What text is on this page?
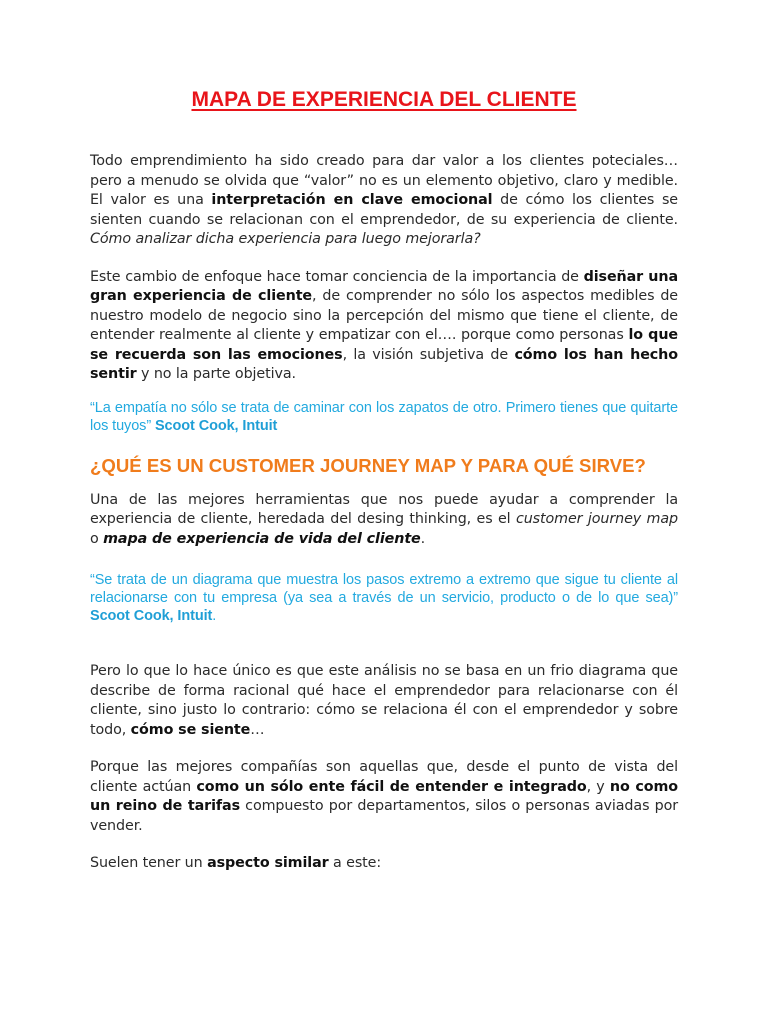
MAPA DE EXPERIENCIA DEL CLIENTE

Todo emprendimiento ha sido creado para dar valor a los clientes poteciales… pero a menudo se olvida que “valor” no es un elemento objetivo, claro y medible. El valor es una interpretación en clave emocional de cómo los clientes se sienten cuando se relacionan con el emprendedor, de su experiencia de cliente. Cómo analizar dicha experiencia para luego mejorarla?

Este cambio de enfoque hace tomar conciencia de la importancia de diseñar una gran experiencia de cliente, de comprender no sólo los aspectos medibles de nuestro modelo de negocio sino la percepción del mismo que tiene el cliente, de entender realmente al cliente y empatizar con el…. porque como personas lo que se recuerda son las emociones, la visión subjetiva de cómo los han hecho sentir y no la parte objetiva.

“La empatía no sólo se trata de caminar con los zapatos de otro. Primero tienes que quitarte los tuyos” Scoot Cook, Intuit

¿QUÉ ES UN CUSTOMER JOURNEY MAP Y PARA QUÉ SIRVE?

Una de las mejores herramientas que nos puede ayudar a comprender la experiencia de cliente, heredada del desing thinking, es el customer journey map o mapa de experiencia de vida del cliente.

“Se trata de un diagrama que muestra los pasos extremo a extremo que sigue tu cliente al relacionarse con tu empresa (ya sea a través de un servicio, producto o de lo que sea)” Scoot Cook, Intuit.

Pero lo que lo hace único es que este análisis no se basa en un frio diagrama que describe de forma racional qué hace el emprendedor para relacionarse con él cliente, sino justo lo contrario: cómo se relaciona él con el emprendedor y sobre todo, cómo se siente…

Porque las mejores compañías son aquellas que, desde el punto de vista del cliente actúan como un sólo ente fácil de entender e integrado, y no como un reino de tarifas compuesto por departamentos, silos o personas aviadas por vender.

Suelen tener un aspecto similar a este:
